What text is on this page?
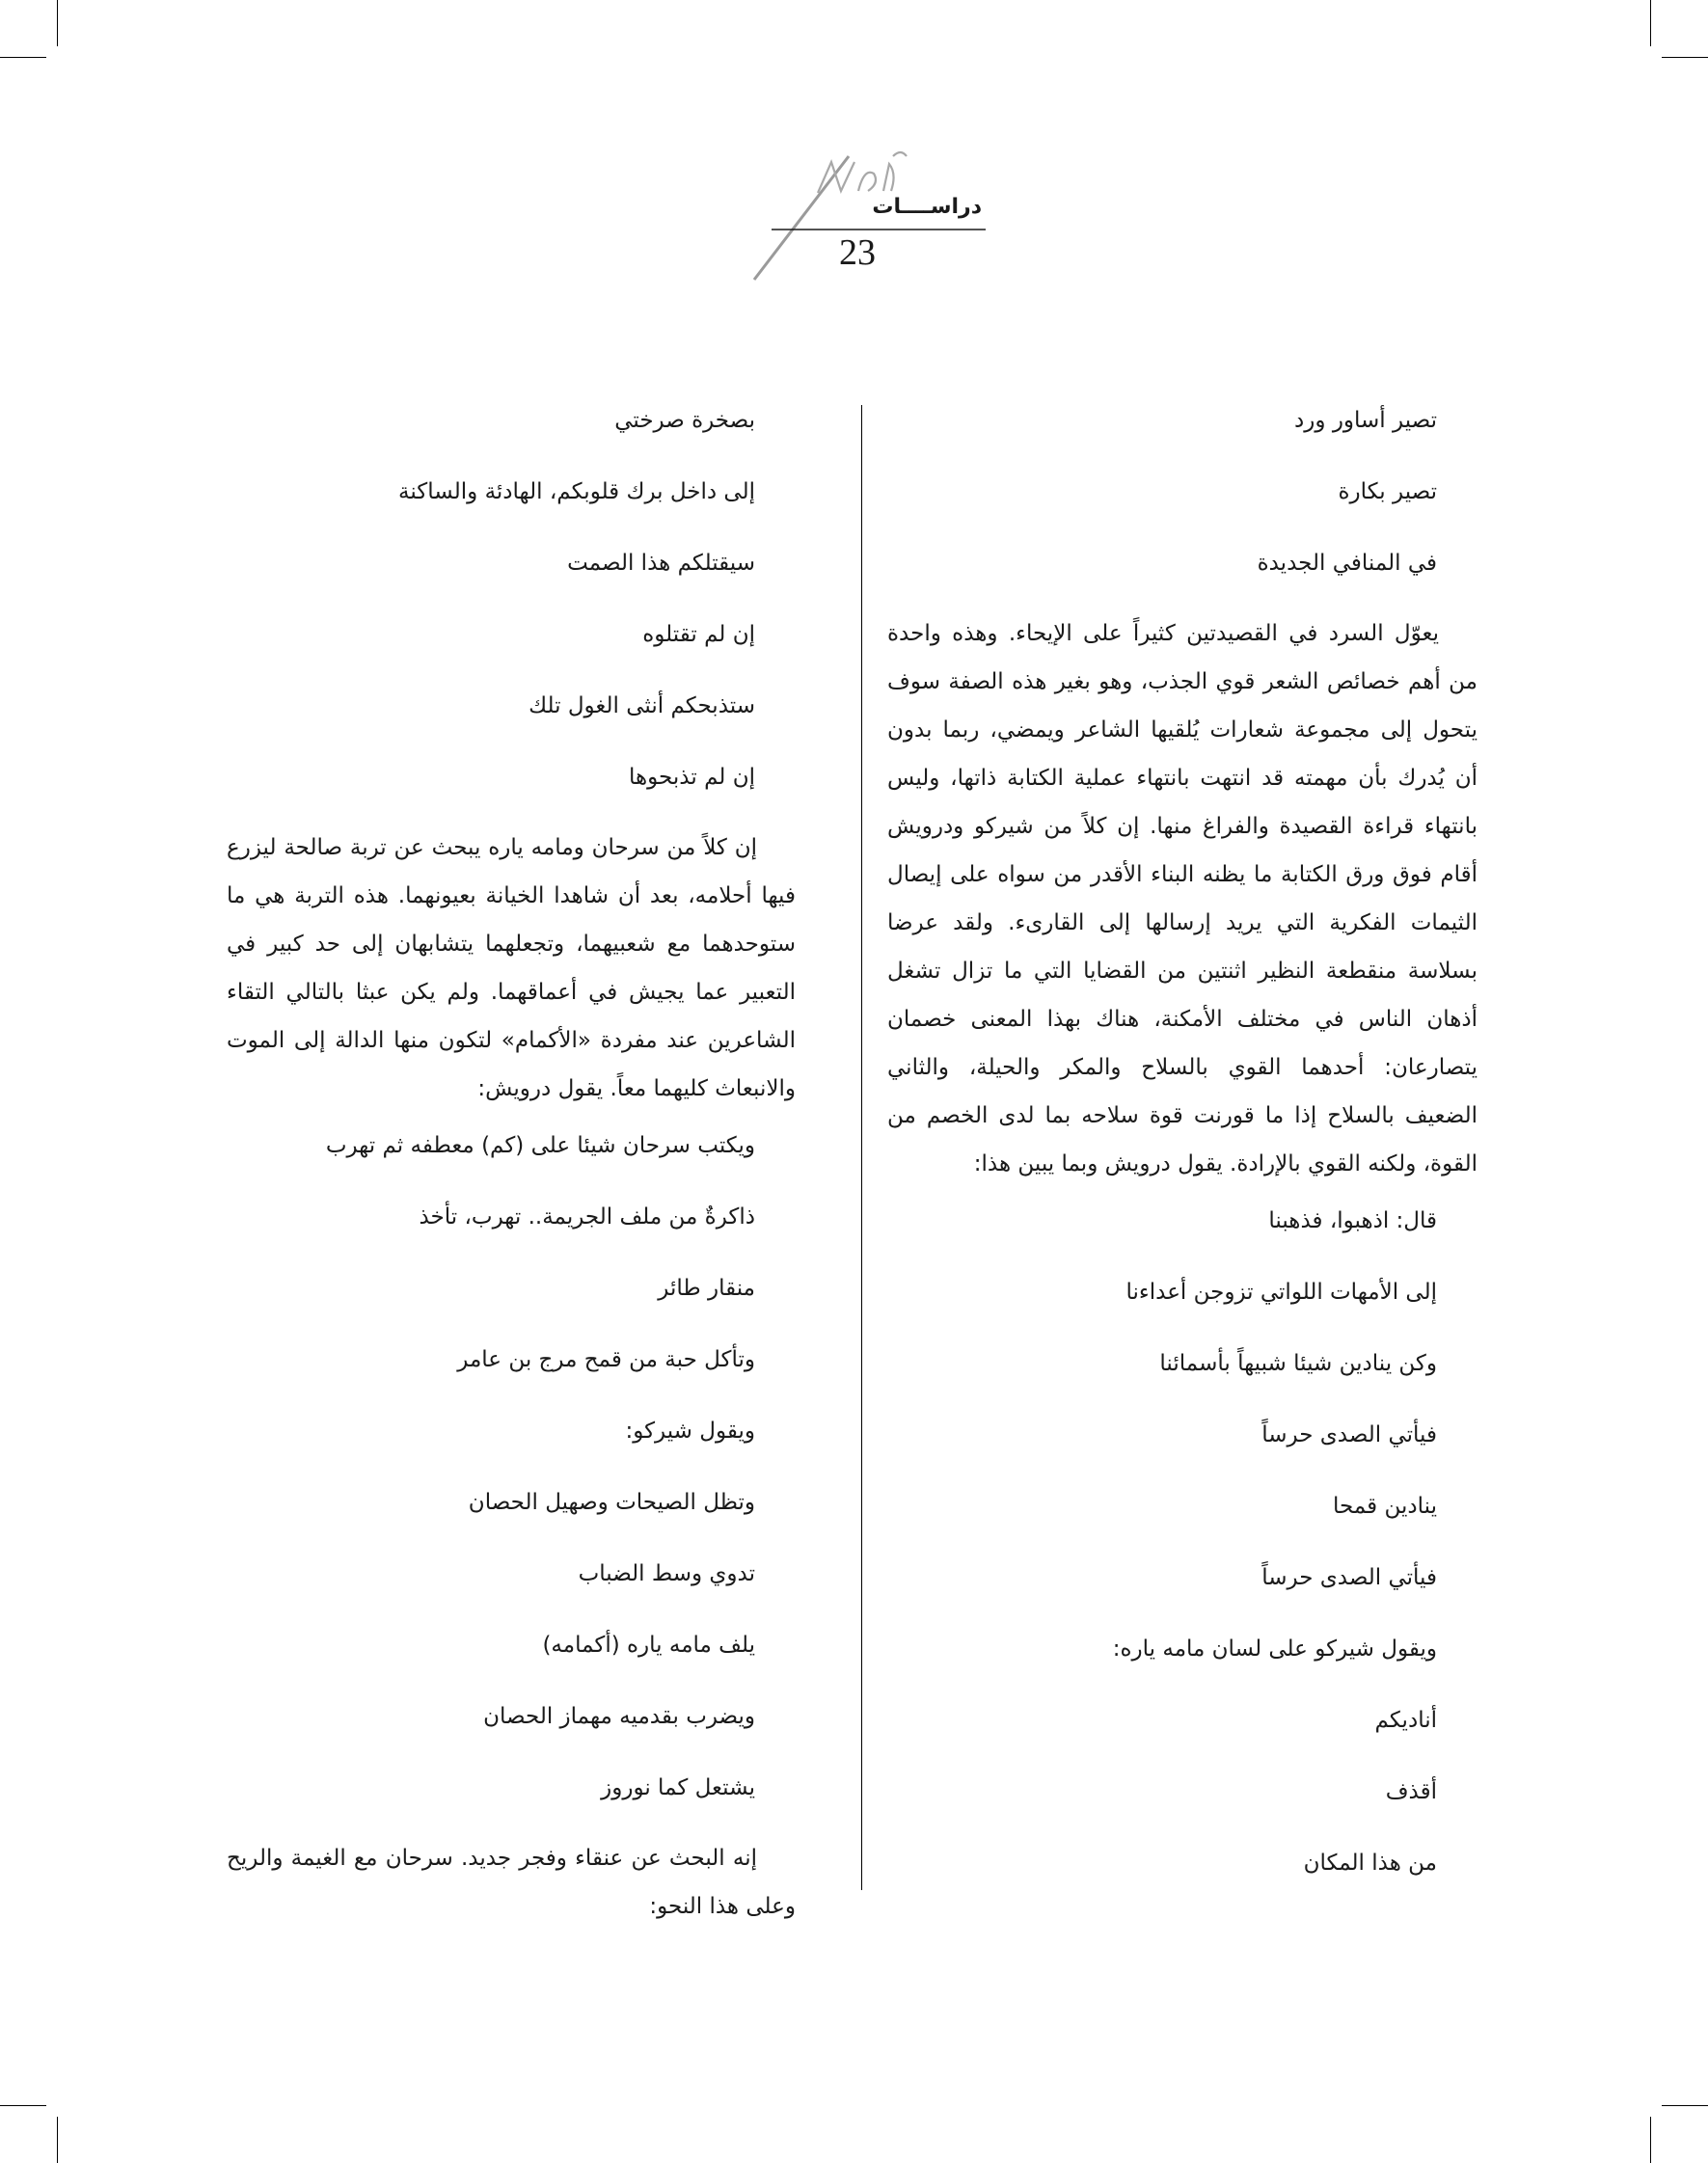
دراســــات
23

تصير أساور ورد

تصير بكارة

في المنافي الجديدة

يعوّل السرد في القصيدتين كثيراً على الإيحاء. وهذه واحدة من أهم خصائص الشعر قوي الجذب، وهو بغير هذه الصفة سوف يتحول إلى مجموعة شعارات يُلقيها الشاعر ويمضي، ربما بدون أن يُدرك بأن مهمته قد انتهت بانتهاء عملية الكتابة ذاتها، وليس بانتهاء قراءة القصيدة والفراغ منها. إن كلاً من شيركو ودرويش أقام فوق ورق الكتابة ما يظنه البناء الأقدر من سواه على إيصال الثيمات الفكرية التي يريد إرسالها إلى القارىء. ولقد عرضا بسلاسة منقطعة النظير اثنتين من القضايا التي ما تزال تشغل أذهان الناس في مختلف الأمكنة، هناك بهذا المعنى خصمان يتصارعان: أحدهما القوي بالسلاح والمكر والحيلة، والثاني الضعيف بالسلاح إذا ما قورنت قوة سلاحه بما لدى الخصم من القوة، ولكنه القوي بالإرادة. يقول درويش وبما يبين هذا:

قال: اذهبوا، فذهبنا

إلى الأمهات اللواتي تزوجن أعداءنا

وكن ينادين شيئا شبيهاً بأسمائنا

فيأتي الصدى حرساً

ينادين قمحا

فيأتي الصدى حرساً

ويقول شيركو على لسان مامه ياره:

أناديكم

أقذف

من هذا المكان

بصخرة صرختي

إلى داخل برك قلوبكم، الهادئة والساكنة

سيقتلكم هذا الصمت

إن لم تقتلوه

ستذبحكم أنثى الغول تلك

إن لم تذبحوها

إن كلاً من سرحان ومامه ياره يبحث عن تربة صالحة ليزرع فيها أحلامه، بعد أن شاهدا الخيانة بعيونهما. هذه التربة هي ما ستوحدهما مع شعبيهما، وتجعلهما يتشابهان إلى حد كبير في التعبير عما يجيش في أعماقهما. ولم يكن عبثا بالتالي التقاء الشاعرين عند مفردة «الأكمام» لتكون منها الدالة إلى الموت والانبعاث كليهما معاً. يقول درويش:

ويكتب سرحان شيئا على (كم) معطفه ثم تهرب

ذاكرةٌ من ملف الجريمة.. تهرب، تأخذ

منقار طائر

وتأكل حبة من قمح مرج بن عامر

ويقول شيركو:

وتظل الصيحات وصهيل الحصان

تدوي وسط الضباب

يلف مامه ياره (أكمامه)

ويضرب بقدميه مهماز الحصان

يشتعل كما نوروز

إنه البحث عن عنقاء وفجر جديد. سرحان مع الغيمة والريح وعلى هذا النحو:
